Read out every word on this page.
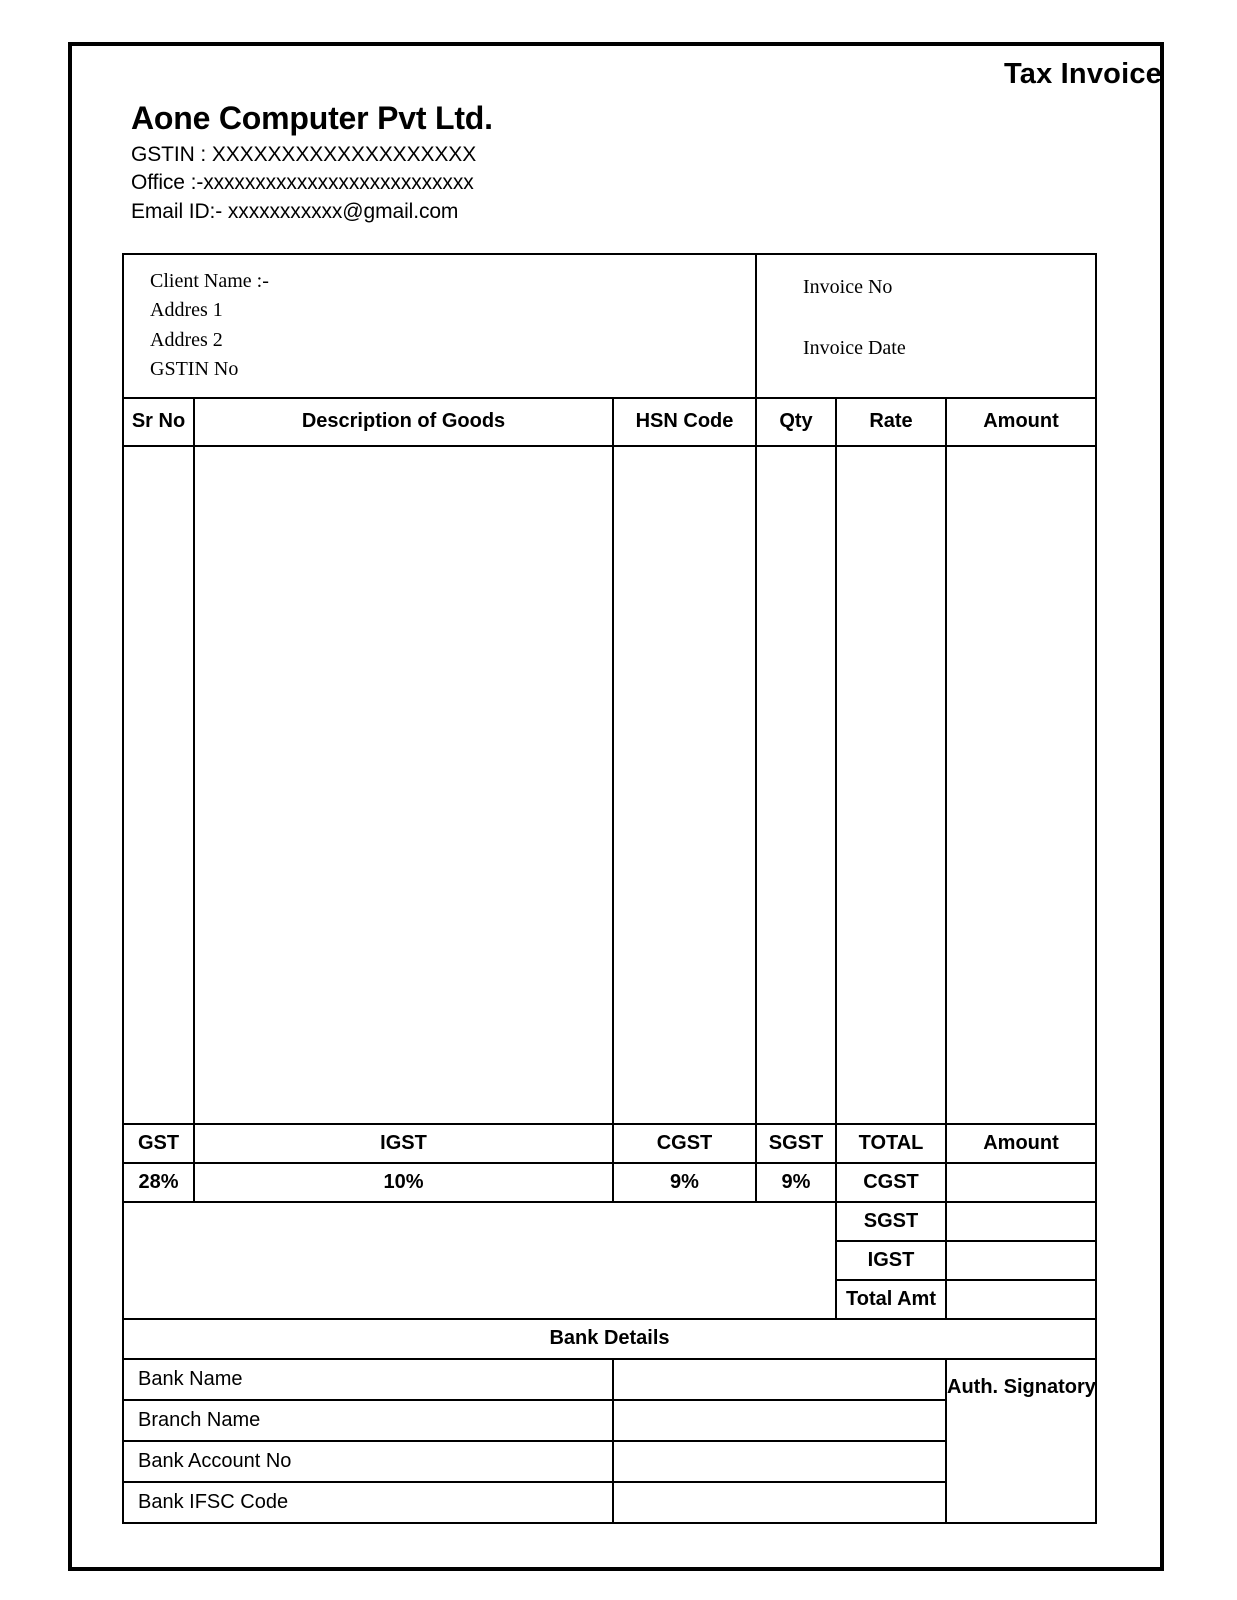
Tax Invoice
Aone Computer Pvt Ltd.
GSTIN : XXXXXXXXXXXXXXXXXXX
Office :-xxxxxxxxxxxxxxxxxxxxxxxxxx
Email ID:- xxxxxxxxxxx@gmail.com
Client Name :-
Addres 1
Addres 2
GSTIN No

Invoice No
Invoice Date

Sr No	Description of Goods	HSN Code	Qty	Rate	Amount

GST	IGST	CGST	SGST	TOTAL	Amount
28%	10%	9%	9%	CGST	
				SGST	
				IGST	
				Total Amt	
Bank Details					
Bank Name					Auth. Signatory
Branch Name					
Bank Account No					
Bank IFSC Code					
